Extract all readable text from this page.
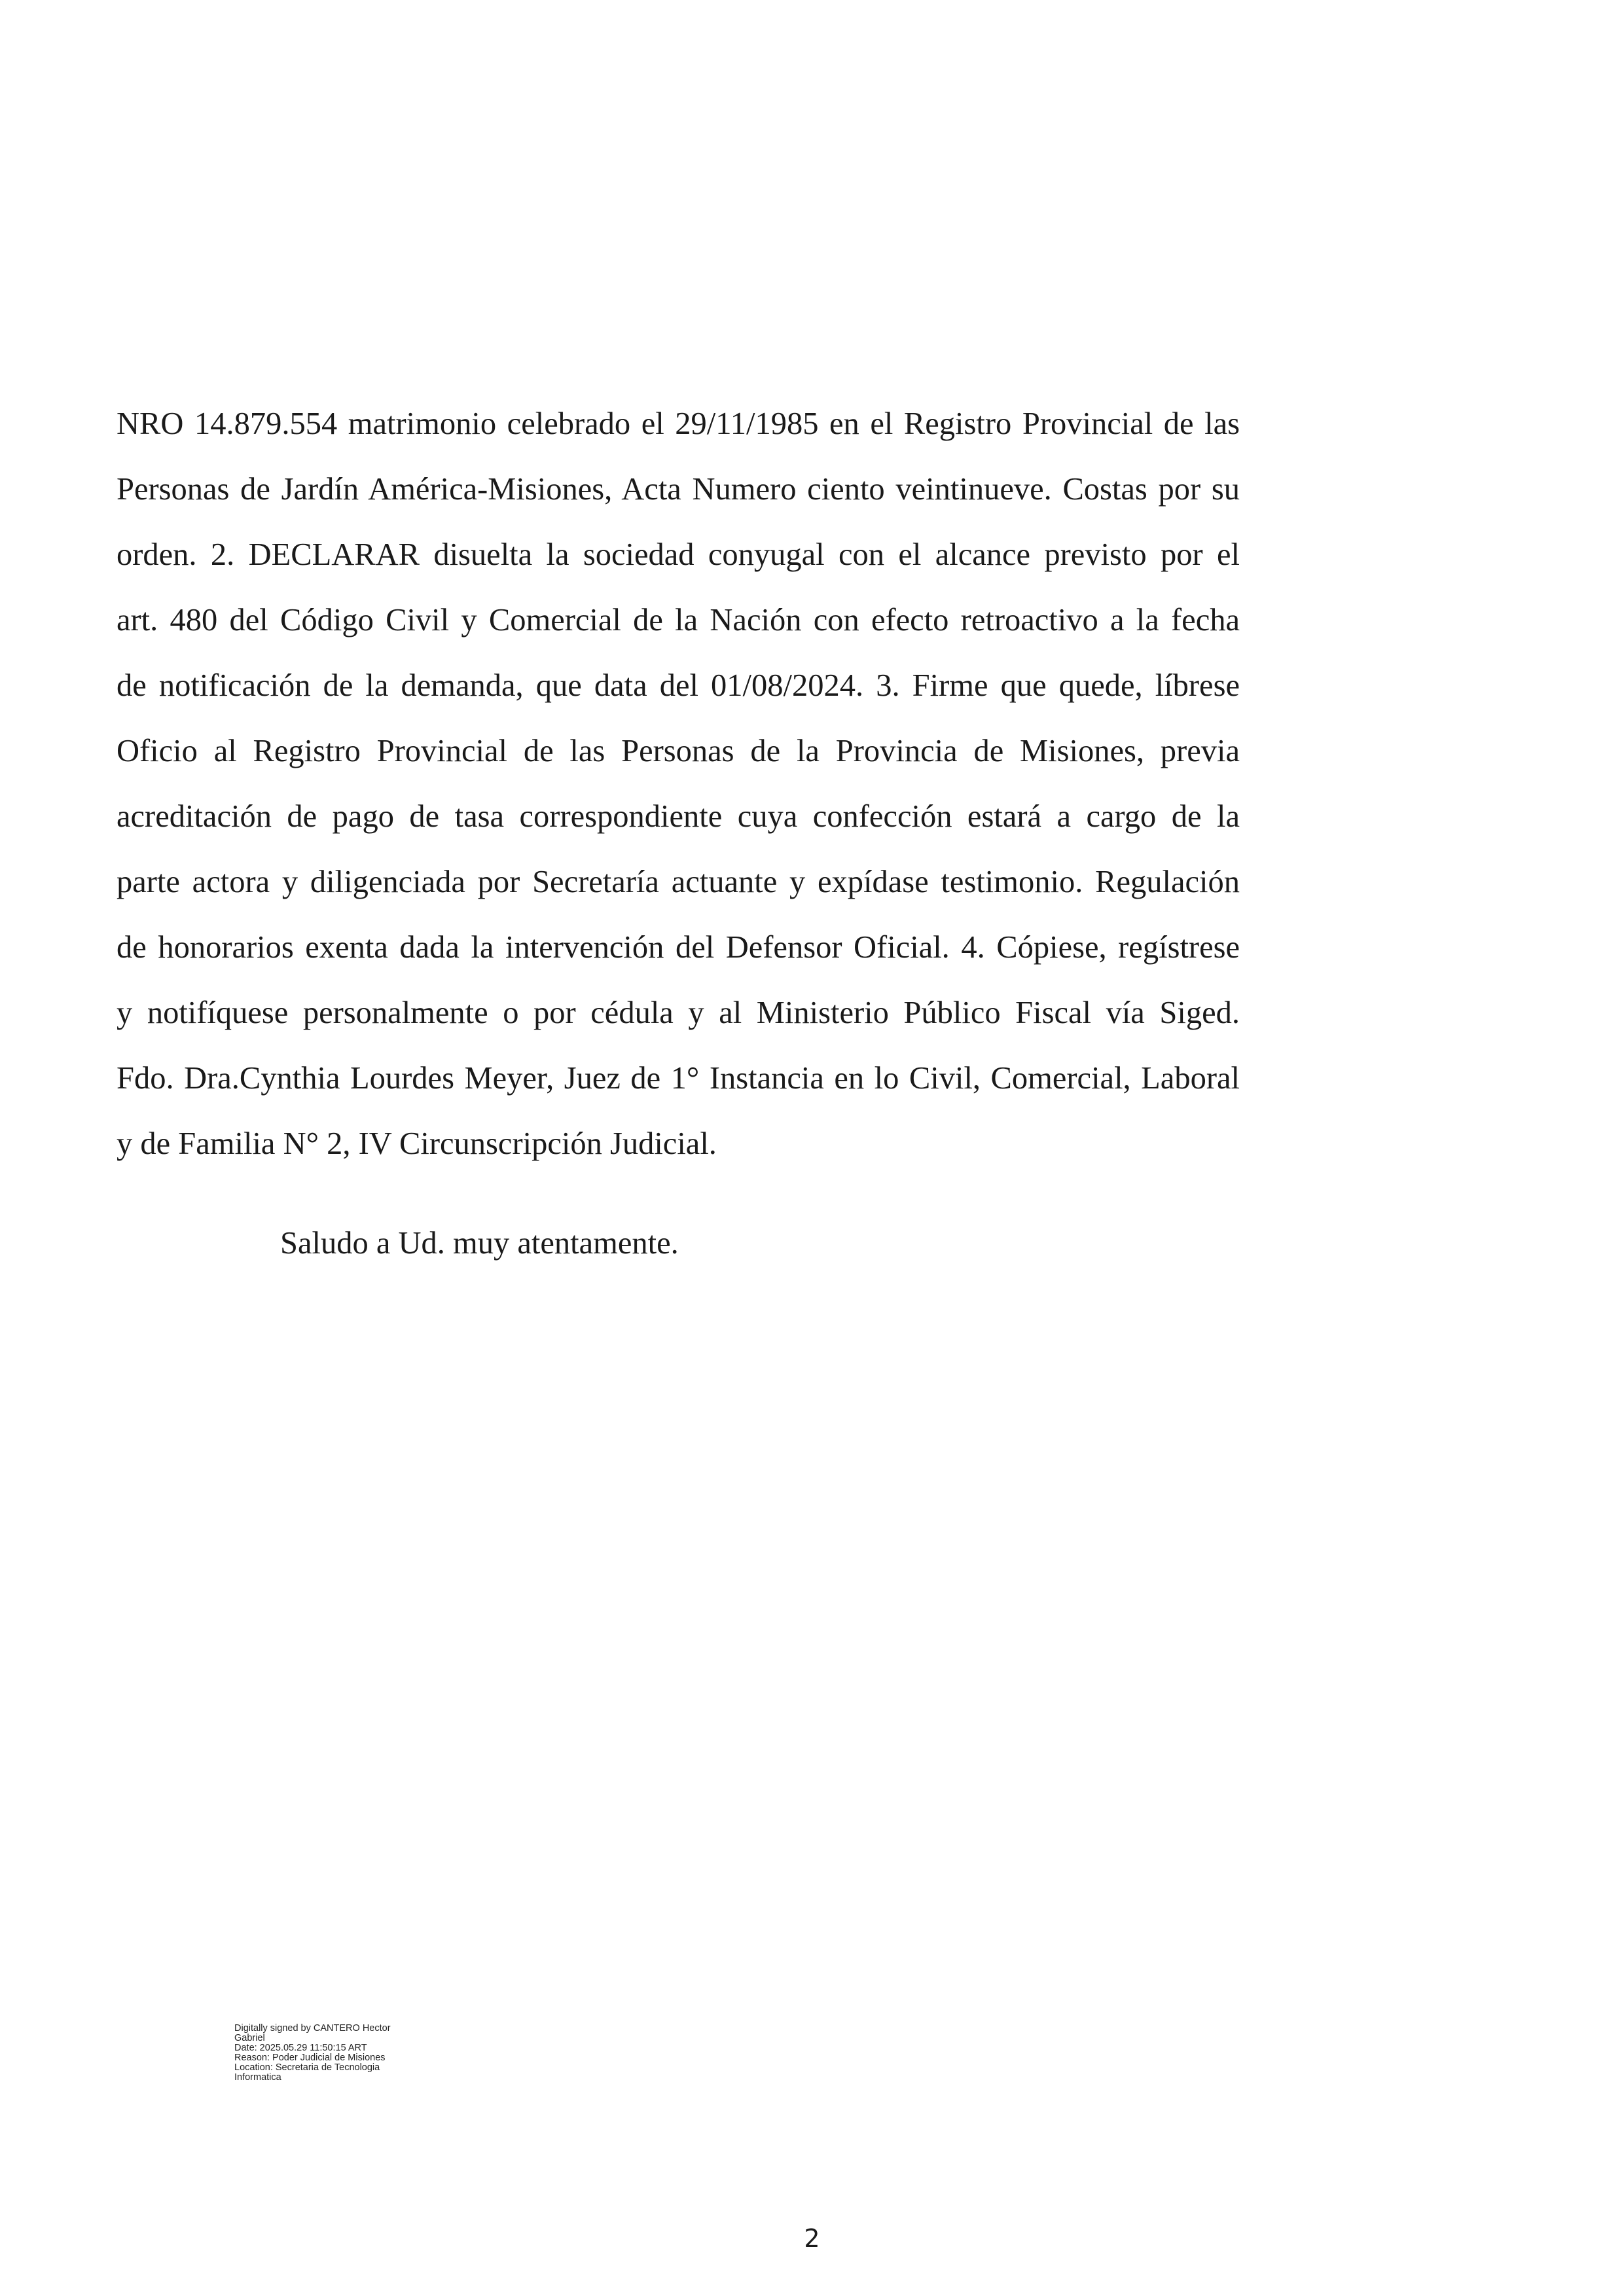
NRO 14.879.554 matrimonio celebrado el 29/11/1985 en el Registro Provincial de las
Personas de Jardín América-Misiones, Acta Numero ciento veintinueve. Costas por su
orden. 2. DECLARAR disuelta la sociedad conyugal con el alcance previsto por el
art. 480 del Código Civil y Comercial de la Nación con efecto retroactivo a la fecha
de notificación de la demanda, que data del 01/08/2024. 3. Firme que quede, líbrese
Oficio al Registro Provincial de las Personas de la Provincia de Misiones, previa
acreditación de pago de tasa correspondiente cuya confección estará a cargo de la
parte actora y diligenciada por Secretaría actuante y expídase testimonio. Regulación
de honorarios exenta dada la intervención del Defensor Oficial. 4. Cópiese, regístrese
y notifíquese personalmente o por cédula y al Ministerio Público Fiscal vía Siged.
Fdo. Dra.Cynthia Lourdes Meyer, Juez de 1° Instancia en lo Civil, Comercial, Laboral
y de Familia N° 2, IV Circunscripción Judicial.
Saludo a Ud. muy atentamente.
Digitally signed by CANTERO Hector
Gabriel
Date: 2025.05.29 11:50:15 ART
Reason: Poder Judicial de Misiones
Location: Secretaria de Tecnologia
Informatica
2
